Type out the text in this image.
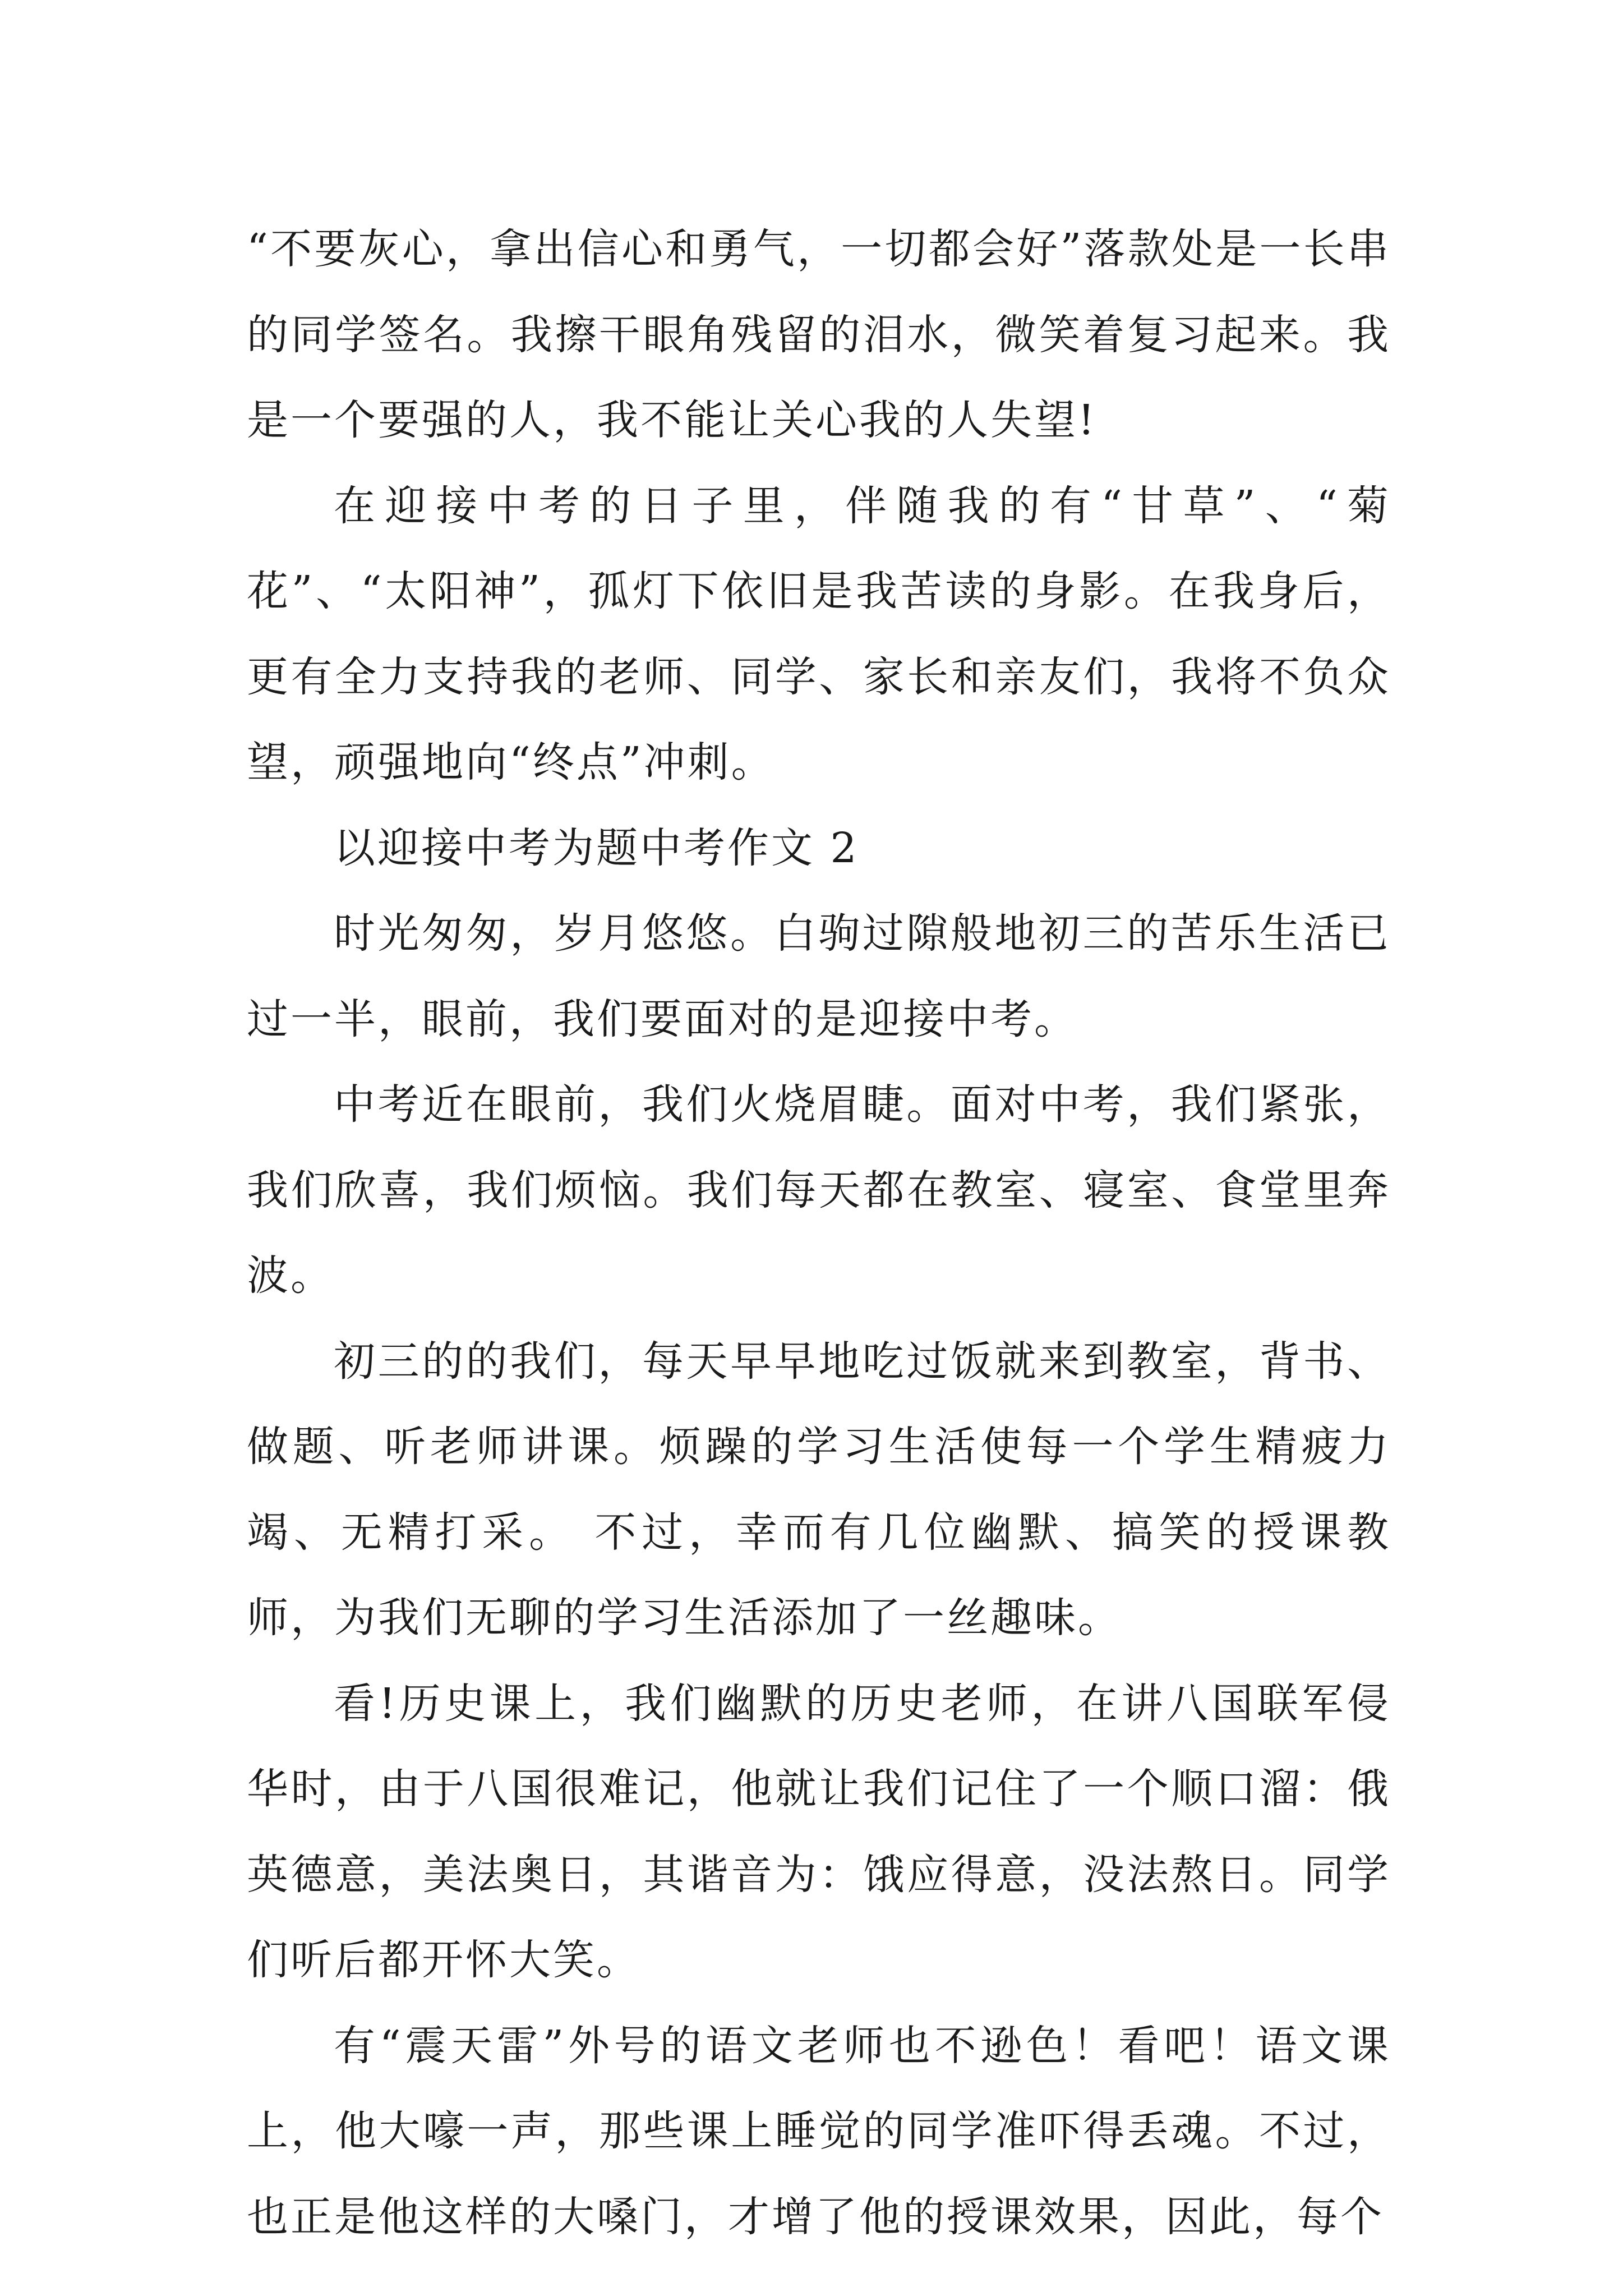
“不要灰心，拿出信心和勇气，一切都会好”落款处是一长串的同学签名。我擦干眼角残留的泪水，微笑着复习起来。我是一个要强的人，我不能让关心我的人失望!

在迎接中考的日子里，伴随我的有“甘草”、“菊花”、“太阳神”，孤灯下依旧是我苦读的身影。在我身后，更有全力支持我的老师、同学、家长和亲友们，我将不负众望，顽强地向“终点”冲刺。

以迎接中考为题中考作文 2

时光匆匆，岁月悠悠。白驹过隙般地初三的苦乐生活已过一半，眼前，我们要面对的是迎接中考。

中考近在眼前，我们火烧眉睫。面对中考，我们紧张，我们欣喜，我们烦恼。我们每天都在教室、寝室、食堂里奔波。

初三的的我们，每天早早地吃过饭就来到教室，背书、做题、听老师讲课。烦躁的学习生活使每一个学生精疲力竭、无精打采。 不过，幸而有几位幽默、搞笑的授课教师，为我们无聊的学习生活添加了一丝趣味。

看!历史课上，我们幽默的历史老师，在讲八国联军侵华时，由于八国很难记，他就让我们记住了一个顺口溜：俄英德意，美法奥日，其谐音为：饿应得意，没法熬日。同学们听后都开怀大笑。

有“震天雷”外号的语文老师也不逊色！看吧！语文课上，他大嚎一声，那些课上睡觉的同学准吓得丢魂。不过，也正是他这样的大嗓门，才增了他的授课效果，因此，每个
